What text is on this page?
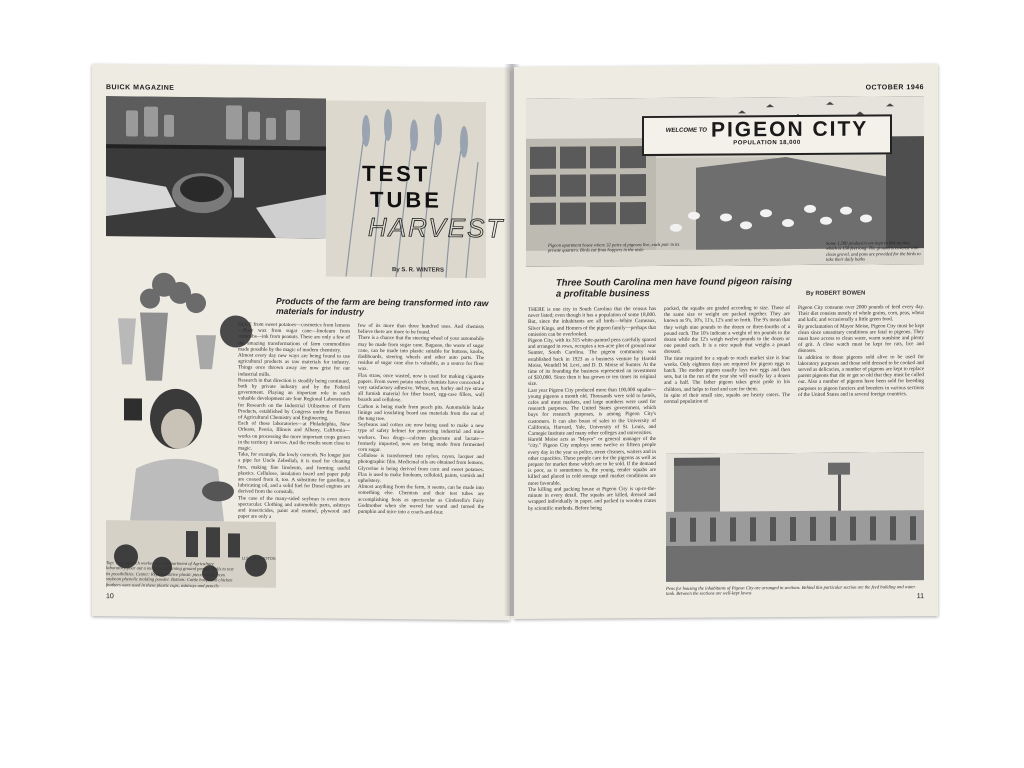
BUICK MAGAZINE
TEST
TUBE
HARVEST
By S. R. WINTERS
U.S.D.A. PHOTOS
Products of the farm are being transformed into raw materials for industry

GLUE from sweet potatoes—cosmetics from lemons—floor wax from sugar cane—linoleum from corncobs—ink from peanuts. These are only a few of the amazing transformations of farm commodities made possible by the magic of modern chemistry.

Almost every day new ways are being found to use agricultural products as raw materials for industry. Things once thrown away are now grist for our industrial mills.

Research in that direction is steadily being continued, both by private industry and by the Federal government. Playing an important role in such valuable development are four Regional Laboratories for Research on the Industrial Utilization of Farm Products, established by Congress under the Bureau of Agricultural Chemistry and Engineering.

Each of these laboratories—at Philadelphia, New Orleans, Peoria, Illinois and Albany, California—works on processing the more important crops grown in the territory it serves. And the results seem close to magic.

Take, for example, the lowly corncob. No longer just a pipe for Uncle Zebediah, it is used for cleaning furs, making fine linoleum, and forming useful plastics. Cellulose, insulation board and paper pulp are coaxed from it, too. A substitute for gasoline, a lubricating oil, and a solid fuel for Diesel engines are derived from the cornstalk.

The case of the many-sided soybean is even more spectacular. Clothing and automobile parts, ashtrays and insecticides, paint and enamel, plywood and paper are only a

few of its more than three hundred uses. And chemists believe there are more to be found.

There is a chance that the steering wheel of your automobile may be made from sugar cane. Bagasse, the waste of sugar cane, can be made into plastic suitable for buttons, knobs, dashboards, steering wheels and other auto parts. The residue of sugar cane also is valuable, as a source for floor wax.

Flax straw, once wasted, now is used for making cigarette papers. From sweet potato starch chemists have concocted a very satisfactory adhesive. Wheat, oat, barley and rye straw all furnish material for fiber board, egg-case fillers, wall boards and cellulose.

Carbon is being made from peach pits. Automobile brake linings and insulating board use materials from the nut of the tung tree.

Soybeans and cotton are now being used to make a new type of safety helmet for protecting industrial and mine workers. Two drugs—calcium gluconate and lactate—formerly imported, now are being made from fermented corn sugar.

Cellulose is transformed into nylon, rayon, lacquer and photographic film. Medicinal oils are obtained from lemons. Glycerine is being derived from corn and sweet potatoes. Flax is used to make linoleum, celluloid, paints, varnish and upholstery.

Almost anything from the farm, it seems, can be made into something else. Chemists and their test tubes are accomplishing feats as spectacular as Cinderella's Fairy Godmother when she waved her wand and turned the pumpkin and mice into a coach-and-four.

Top: Two research workers at a Department of Agriculture laboratory pour out a mixture containing ground peanut shells to test its possibilities. Center: Representative plastic pieces made from soybean phenolic molding powder. Bottom: Cattle hoofs and chicken feathers were used in these plastic cups, ashtrays and pencils
10
OCTOBER 1946
WELCOME TO PIGEON CITY
POPULATION 18,000
Pigeon apartment house where 32 pairs of pigeons live, each pair in its private quarters. Birds eat from hoppers in the aisle
Some 1,200 producers are kept in this section, which is 150 feet long. The ground is covered with clean gravel, and pans are provided for the birds to take their daily baths
Three South Carolina men have found pigeon raising a profitable business	By ROBERT BOWEN

THERE is one city in South Carolina that the census has never listed; even though it has a population of some 18,000. But, since the inhabitants are all birds—White Carneaux, Silver Kings, and Homers of the pigeon family—perhaps that omission can be overlooked.

Pigeon City, with its 315 white-painted pens carefully spaced and arranged in rows, occupies a ten-acre plot of ground near Sumter, South Carolina. The pigeon community was established back in 1923 as a business venture by Harold Moise, Wendell M. Levi, and D. D. Moise of Sumter. At the time of its founding the business represented an investment of $10,000. Since then it has grown to ten times its original size.

Last year Pigeon City produced more than 100,000 squabs—young pigeons a month old. Thousands were sold to hotels, cafes and meat markets, and large numbers were used for research purposes. The United States government, which buys for research purposes, is among Pigeon City's customers. It can also boast of sales to the University of California, Harvard, Yale, University of St. Louis, and Carnegie Institute and many other colleges and universities.

Harold Moise acts as "Mayor" or general manager of the "city." Pigeon City employs some twelve or fifteen people every day in the year as police, street cleaners, waiters and in other capacities. These people care for the pigeons as well as prepare for market those which are to be sold. If the demand is poor, as it sometimes is, the young, tender squabs are killed and placed in cold storage until market conditions are more favorable.

The killing and packing house at Pigeon City is up-to-the-minute in every detail. The squabs are killed, dressed and wrapped individually in paper, and packed in wooden crates by scientific methods. Before being

packed, the squabs are graded according to size. Those of the same size or weight are packed together. They are known as 9's, 10's, 11's, 12's and so forth. The 9's mean that they weigh nine pounds to the dozen or three-fourths of a pound each. The 10's indicate a weight of ten pounds to the dozen while the 12's weigh twelve pounds to the dozen or one pound each. It is a nice squab that weighs a pound dressed.

The time required for a squab to reach market size is four weeks. Only eighteen days are required for pigeon eggs to hatch. The mother pigeon usually lays two eggs and then sets, but in the run of the year she will usually lay a dozen and a half. The father pigeon takes great pride in his children, and helps to feed and care for them.

In spite of their small size, squabs are hearty eaters. The normal population of

Pigeon City consume over 2000 pounds of feed every day. Their diet consists mostly of whole grains, corn, peas, wheat and kafir, and occasionally a little green food.

By proclamation of Mayor Moise, Pigeon City must be kept clean since unsanitary conditions are fatal to pigeons. They must have access to clean water, warm sunshine and plenty of grit. A close watch must be kept for rats, lice and diseases.

In addition to those pigeons sold alive to be used for laboratory purposes and those sold dressed to be cooked and served as delicacies, a number of pigeons are kept to replace parent pigeons that die or get so old that they must be culled out. Also a number of pigeons have been sold for breeding purposes to pigeon fanciers and breeders in various sections of the United States and in several foreign countries.

Pens for housing the inhabitants of Pigeon City are arranged in sections. Behind this particular section are the feed building and water tank. Between the sections are well-kept lawns	11
